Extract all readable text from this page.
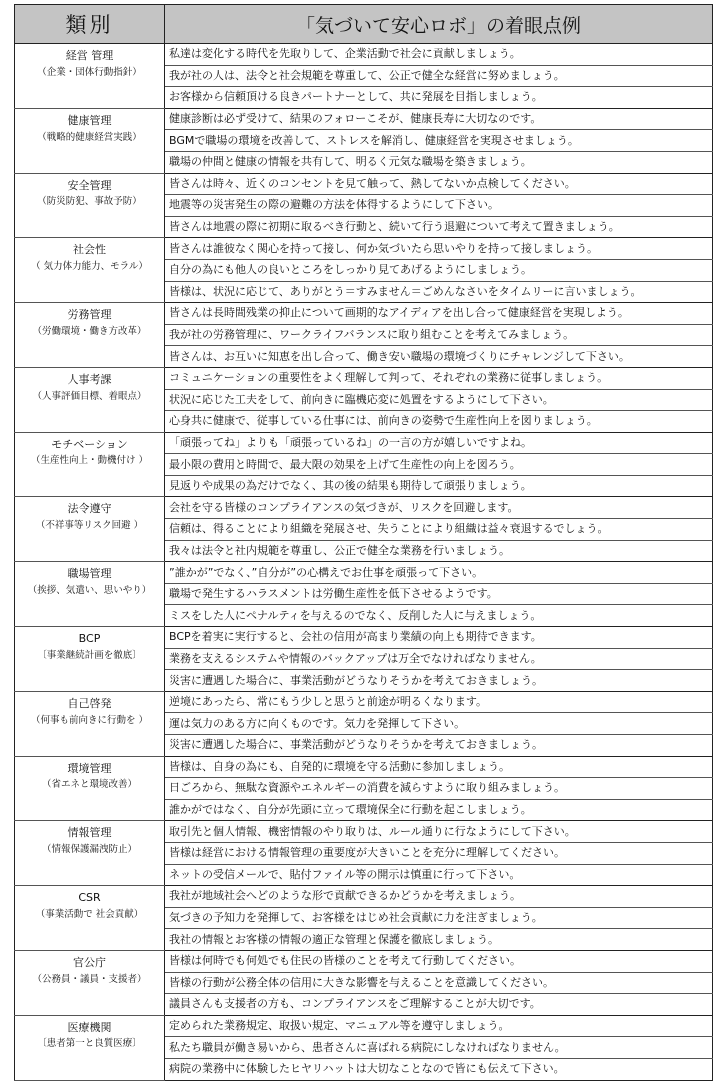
類別	「気づいて安心ロボ」の着眼点例

経営 管理
（企業・団体行動指針）	私達は変化する時代を先取りして、企業活動で社会に貢献しましょう。
	我が社の人は、法令と社会規範を尊重して、公正で健全な経営に努めましょう。
	お客様から信頼頂ける良きパートナーとして、共に発展を目指しましょう。

健康管理
（戦略的健康経営実践）	健康診断は必ず受けて、結果のフォローこそが、健康長寿に大切なのです。
	BGMで職場の環境を改善して、ストレスを解消し、健康経営を実現させましょう。
	職場の仲間と健康の情報を共有して、明るく元気な職場を築きましょう。

安全管理
（防災防犯、事故予防）	皆さんは時々、近くのコンセントを見て触って、熱してないか点検してください。
	地震等の災害発生の際の避難の方法を体得するようにして下さい。
	皆さんは地震の際に初期に取るべき行動と、続いて行う退避について考えて置きましょう。

社会性
（ 気力体力能力、モラル）	皆さんは誰彼なく関心を持って接し、何か気づいたら思いやりを持って接しましょう。
	自分の為にも他人の良いところをしっかり見てあげるようにしましょう。
	皆様は、状況に応じて、ありがとう＝すみません＝ごめんなさいをタイムリーに言いましょう。

労務管理
（労働環境・働き方改革）	皆さんは長時間残業の抑止について画期的なアイディアを出し合って健康経営を実現しよう。
	我が社の労務管理に、ワークライフバランスに取り組むことを考えてみましょう。
	皆さんは、お互いに知恵を出し合って、働き安い職場の環境づくりにチャレンジして下さい。

人事考課
（人事評価目標、着眼点）	コミュニケーションの重要性をよく理解して判って、それぞれの業務に従事しましょう。
	状況に応じた工夫をして、前向きに臨機応変に処置をするようにして下さい。
	心身共に健康で、従事している仕事には、前向きの姿勢で生産性向上を図りましょう。

モチベーション
（生産性向上・動機付け ）	「頑張ってね」よりも「頑張っているね」の一言の方が嬉しいですよね。
	最小限の費用と時間で、最大限の効果を上げて生産性の向上を図ろう。
	見返りや成果の為だけでなく、其の後の結果も期待して頑張りましょう。

法令遵守
（不祥事等リスク回避 ）	会社を守る皆様のコンプライアンスの気づきが、リスクを回避します。
	信頼は、得ることにより組織を発展させ、失うことにより組織は益々衰退するでしょう。
	我々は法令と社内規範を尊重し、公正で健全な業務を行いましょう。

職場管理
（挨拶、気遣い、思いやり）	”誰かが”でなく、”自分が”の心構えでお仕事を頑張って下さい。
	職場で発生するハラスメントは労働生産性を低下させるようです。
	ミスをした人にペナルティを与えるのでなく、反削した人に与えましょう。

BCP
〔事業継続計画を徹底〕	BCPを着実に実行すると、会社の信用が高まり業績の向上も期待できます。
	業務を支えるシステムや情報のバックアップは万全でなければなりません。
	災害に遭遇した場合に、事業活動がどうなりそうかを考えておきましょう。

自己啓発
（何事も前向きに行動を ）	逆境にあったら、常にもう少しと思うと前途が明るくなります。
	運は気力のある方に向くものです。気力を発揮して下さい。
	災害に遭遇した場合に、事業活動がどうなりそうかを考えておきましょう。

環境管理
（省エネと環境改善）	皆様は、自身の為にも、自発的に環境を守る活動に参加しましょう。
	日ごろから、無駄な資源やエネルギーの消費を減らすように取り組みましょう。
	誰かがではなく、自分が先頭に立って環境保全に行動を起こしましょう。

情報管理
（情報保護漏洩防止）	取引先と個人情報、機密情報のやり取りは、ルール通りに行なようにして下さい。
	皆様は経営における情報管理の重要度が大きいことを充分に理解してください。
	ネットの受信メールで、貼付ファイル等の開示は慎重に行って下さい。

CSR
（事業活動で 社会貢献）	我社が地域社会へどのような形で貢献できるかどうかを考えましょう。
	気づきの予知力を発揮して、お客様をはじめ社会貢献に力を注ぎましょう。
	我社の情報とお客様の情報の適正な管理と保護を徹底しましょう。

官公庁
（公務員・議員・支援者）	皆様は何時でも何処でも住民の皆様のことを考えて行動してください。
	皆様の行動が公務全体の信用に大きな影響を与えることを意識してください。
	議員さんも支援者の方も、コンプライアンスをご理解することが大切です。

医療機関
〔患者第一と良質医療〕	定められた業務規定、取扱い規定、マニュアル等を遵守しましょう。
	私たち職員が働き易いから、患者さんに喜ばれる病院にしなければなりません。
	病院の業務中に体験したヒヤリハットは大切なことなので皆にも伝えて下さい。
